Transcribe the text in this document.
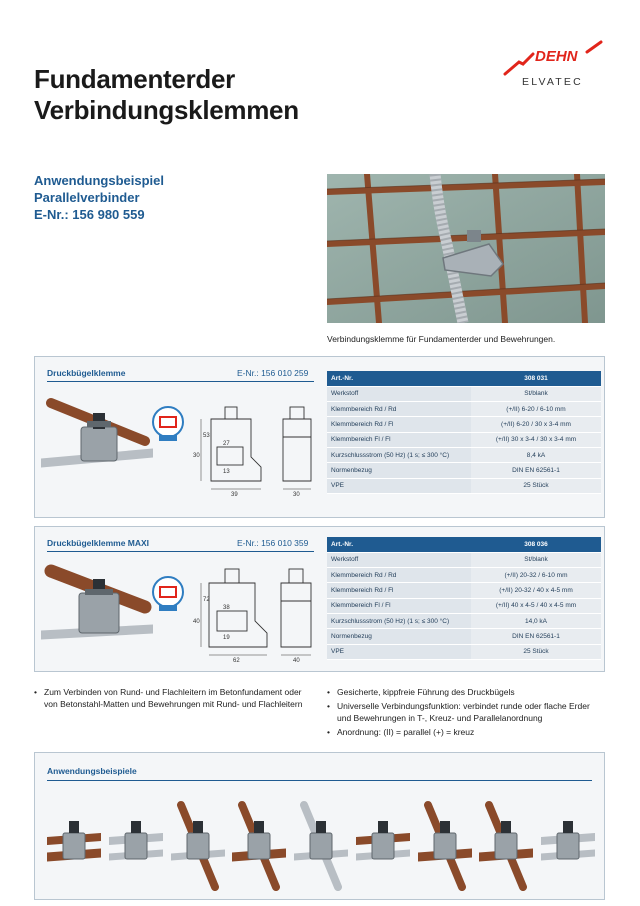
Fundamenterder
Verbindungsklemmen
DEHN
ELVATEC
Anwendungsbeispiel
Parallelverbinder
E-Nr.: 156 980 559
Verbindungsklemme für Fundamenterder und Bewehrungen.
Druckbügelklemme	E-Nr.: 156 010 259
39	30
27
13
30
53
Art.-Nr.	308 031
Werkstoff	St/blank
Klemmbereich Rd / Rd	(+/II) 6-20 / 6-10 mm
Klemmbereich Rd / Fl	(+/II) 6-20 / 30 x 3-4 mm
Klemmbereich Fl / Fl	(+/II) 30 x 3-4 / 30 x 3-4 mm
Kurzschlussstrom (50 Hz) (1 s; ≤ 300 °C)	8,4 kA
Normenbezug	DIN EN 62561-1
VPE	25 Stück
Druckbügelklemme MAXI	E-Nr.: 156 010 359
62	40
38
19
40
72
Art.-Nr.	308 036
Werkstoff	St/blank
Klemmbereich Rd / Rd	(+/II) 20-32 / 6-10 mm
Klemmbereich Rd / Fl	(+/II) 20-32 / 40 x 4-5 mm
Klemmbereich Fl / Fl	(+/II) 40 x 4-5 / 40 x 4-5 mm
Kurzschlussstrom (50 Hz) (1 s; ≤ 300 °C)	14,0 kA
Normenbezug	DIN EN 62561-1
VPE	25 Stück
• Zum Verbinden von Rund- und Flachleitern im Betonfundament oder von Betonstahl-Matten und Bewehrungen mit Rund- und Flachleitern
• Gesicherte, kippfreie Führung des Druckbügels
• Universelle Verbindungsfunktion: verbindet runde oder flache Erder und Bewehrungen in T-, Kreuz- und Parallelanordnung
• Anordnung: (II) = parallel (+) = kreuz
Anwendungsbeispiele
